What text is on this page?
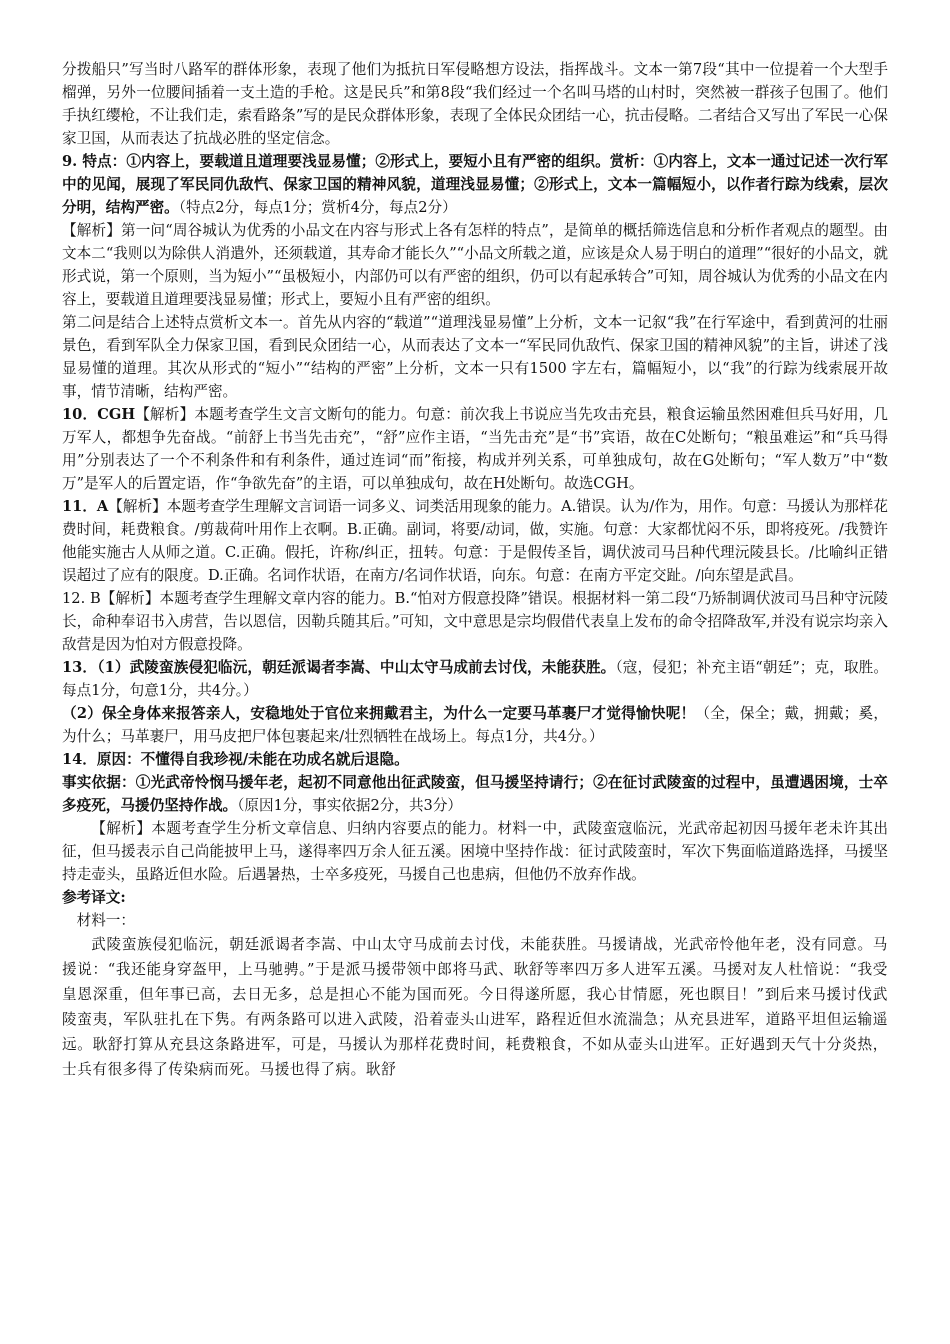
分拨船只”写当时八路军的群体形象，表现了他们为抵抗日军侵略想方设法，指挥战斗。文本一第7段“其中一位提着一个大型手榴弹，另外一位腰间插着一支土造的手枪。这是民兵”和第8段“我们经过一个名叫马塔的山村时，突然被一群孩子包围了。他们手执红缨枪，不让我们走，索看路条”写的是民众群体形象，表现了全体民众团结一心，抗击侵略。二者结合又写出了军民一心保家卫国，从而表达了抗战必胜的坚定信念。

9. 特点：①内容上，要载道且道理要浅显易懂；②形式上，要短小且有严密的组织。赏析：①内容上，文本一通过记述一次行军中的见闻，展现了军民同仇敌忾、保家卫国的精神风貌，道理浅显易懂；②形式上，文本一篇幅短小，以作者行踪为线索，层次分明，结构严密。（特点2分，每点1分；赏析4分，每点2分）

【解析】第一问“周谷城认为优秀的小品文在内容与形式上各有怎样的特点”，是简单的概括筛选信息和分析作者观点的题型。由文本二“我则以为除供人消遣外，还须载道，其寿命才能长久”“小品文所载之道，应该是众人易于明白的道理”“很好的小品文，就形式说，第一个原则，当为短小”“虽极短小，内部仍可以有严密的组织，仍可以有起承转合”可知，周谷城认为优秀的小品文在内容上，要载道且道理要浅显易懂；形式上，要短小且有严密的组织。

第二问是结合上述特点赏析文本一。首先从内容的“载道”“道理浅显易懂”上分析，文本一记叙“我”在行军途中，看到黄河的壮丽景色，看到军队全力保家卫国，看到民众团结一心，从而表达了文本一“军民同仇敌忾、保家卫国的精神风貌”的主旨，讲述了浅显易懂的道理。其次从形式的“短小”“结构的严密”上分析，文本一只有1500 字左右，篇幅短小，以“我”的行踪为线索展开故事，情节清晰，结构严密。

10．CGH【解析】本题考查学生文言文断句的能力。句意：前次我上书说应当先攻击充县，粮食运输虽然困难但兵马好用，几万军人，都想争先奋战。“前舒上书当先击充”，“舒”应作主语，“当先击充”是“书”宾语，故在C处断句；“粮虽难运”和“兵马得用”分别表达了一个不利条件和有利条件，通过连词“而”衔接，构成并列关系，可单独成句，故在G处断句；“军人数万”中“数万”是军人的后置定语，作“争欲先奋”的主语，可以单独成句，故在H处断句。故选CGH。

11．A【解析】本题考查学生理解文言词语一词多义、词类活用现象的能力。A.错误。认为/作为，用作。句意：马援认为那样花费时间，耗费粮食。/剪裁荷叶用作上衣啊。B.正确。副词，将要/动词，做，实施。句意：大家都忧闷不乐，即将疫死。/我赞许他能实施古人从师之道。C.正确。假托，许称/纠正，扭转。句意：于是假传圣旨，调伏波司马吕种代理沅陵县长。/比喻纠正错误超过了应有的限度。D.正确。名词作状语，在南方/名词作状语，向东。句意：在南方平定交趾。/向东望是武昌。

12. B【解析】本题考查学生理解文章内容的能力。B.“怕对方假意投降”错误。根据材料一第二段“乃矫制调伏波司马吕种守沅陵长，命种奉诏书入虏营，告以恩信，因勒兵随其后。”可知，文中意思是宗均假借代表皇上发布的命令招降敌军,并没有说宗均亲入敌营是因为怕对方假意投降。

13．（1）武陵蛮族侵犯临沅，朝廷派谒者李嵩、中山太守马成前去讨伐，未能获胜。（寇，侵犯；补充主语“朝廷”；克，取胜。每点1分，句意1分，共4分。）

（2）保全身体来报答亲人，安稳地处于官位来拥戴君主，为什么一定要马革裹尸才觉得愉快呢！（全，保全；戴，拥戴；奚，为什么；马革裹尸，用马皮把尸体包裹起来/壮烈牺牲在战场上。每点1分，共4分。）

14．原因：不懂得自我珍视/未能在功成名就后退隐。

事实依据：①光武帝怜悯马援年老，起初不同意他出征武陵蛮，但马援坚持请行；②在征讨武陵蛮的过程中，虽遭遇困境，士卒多疫死，马援仍坚持作战。（原因1分，事实依据2分，共3分）

【解析】本题考查学生分析文章信息、归纳内容要点的能力。材料一中，武陵蛮寇临沅，光武帝起初因马援年老未许其出征，但马援表示自己尚能披甲上马，遂得率四万余人征五溪。困境中坚持作战：征讨武陵蛮时，军次下隽面临道路选择，马援坚持走壶头，虽路近但水险。后遇暑热，士卒多疫死，马援自己也患病，但他仍不放弃作战。

参考译文:

材料一：

武陵蛮族侵犯临沅，朝廷派谒者李嵩、中山太守马成前去讨伐，未能获胜。马援请战，光武帝怜他年老，没有同意。马援说：“我还能身穿盔甲，上马驰骋。”于是派马援带领中郎将马武、耿舒等率四万多人进军五溪。马援对友人杜愔说：“我受皇恩深重，但年事已高，去日无多，总是担心不能为国而死。今日得遂所愿，我心甘情愿，死也瞑目！”到后来马援讨伐武陵蛮夷，军队驻扎在下隽。有两条路可以进入武陵，沿着壶头山进军，路程近但水流湍急；从充县进军，道路平坦但运输遥远。耿舒打算从充县这条路进军，可是，马援认为那样花费时间，耗费粮食，不如从壶头山进军。正好遇到天气十分炎热，士兵有很多得了传染病而死。马援也得了病。耿舒
